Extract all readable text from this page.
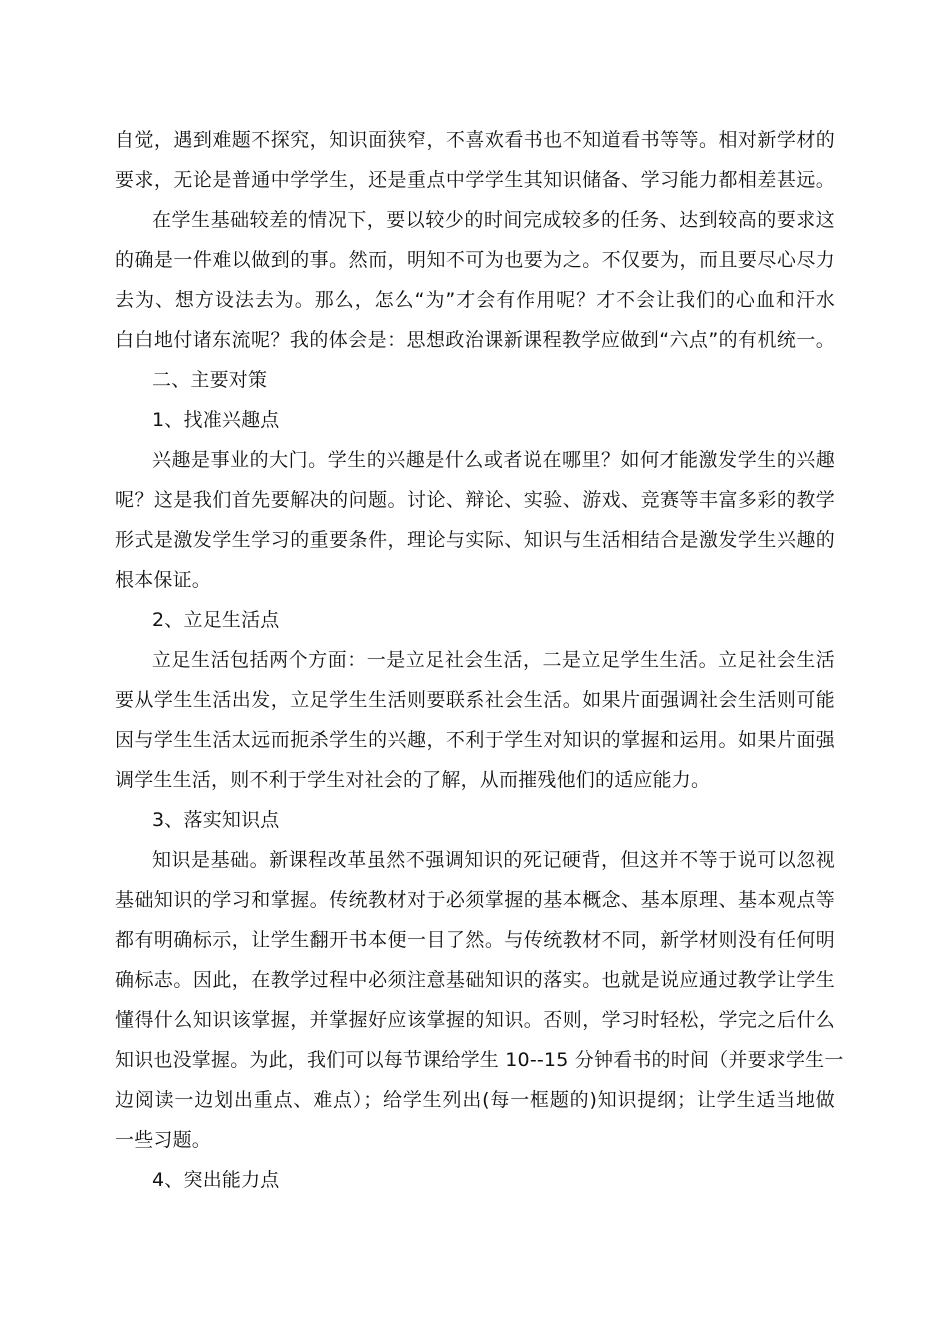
自觉，遇到难题不探究，知识面狭窄，不喜欢看书也不知道看书等等。相对新学材的
要求，无论是普通中学学生，还是重点中学学生其知识储备、学习能力都相差甚远。
在学生基础较差的情况下，要以较少的时间完成较多的任务、达到较高的要求这
的确是一件难以做到的事。然而，明知不可为也要为之。不仅要为，而且要尽心尽力
去为、想方设法去为。那么，怎么“为”才会有作用呢？才不会让我们的心血和汗水
白白地付诸东流呢？我的体会是：思想政治课新课程教学应做到“六点”的有机统一。
二、主要对策
1、找准兴趣点
兴趣是事业的大门。学生的兴趣是什么或者说在哪里？如何才能激发学生的兴趣
呢？这是我们首先要解决的问题。讨论、辩论、实验、游戏、竞赛等丰富多彩的教学
形式是激发学生学习的重要条件，理论与实际、知识与生活相结合是激发学生兴趣的
根本保证。
2、立足生活点
立足生活包括两个方面：一是立足社会生活，二是立足学生生活。立足社会生活
要从学生生活出发，立足学生生活则要联系社会生活。如果片面强调社会生活则可能
因与学生生活太远而扼杀学生的兴趣，不利于学生对知识的掌握和运用。如果片面强
调学生生活，则不利于学生对社会的了解，从而摧残他们的适应能力。
3、落实知识点
知识是基础。新课程改革虽然不强调知识的死记硬背，但这并不等于说可以忽视
基础知识的学习和掌握。传统教材对于必须掌握的基本概念、基本原理、基本观点等
都有明确标示，让学生翻开书本便一目了然。与传统教材不同，新学材则没有任何明
确标志。因此，在教学过程中必须注意基础知识的落实。也就是说应通过教学让学生
懂得什么知识该掌握，并掌握好应该掌握的知识。否则，学习时轻松，学完之后什么
知识也没掌握。为此，我们可以每节课给学生 10--15 分钟看书的时间（并要求学生一
边阅读一边划出重点、难点）；给学生列出(每一框题的)知识提纲；让学生适当地做
一些习题。
4、突出能力点
